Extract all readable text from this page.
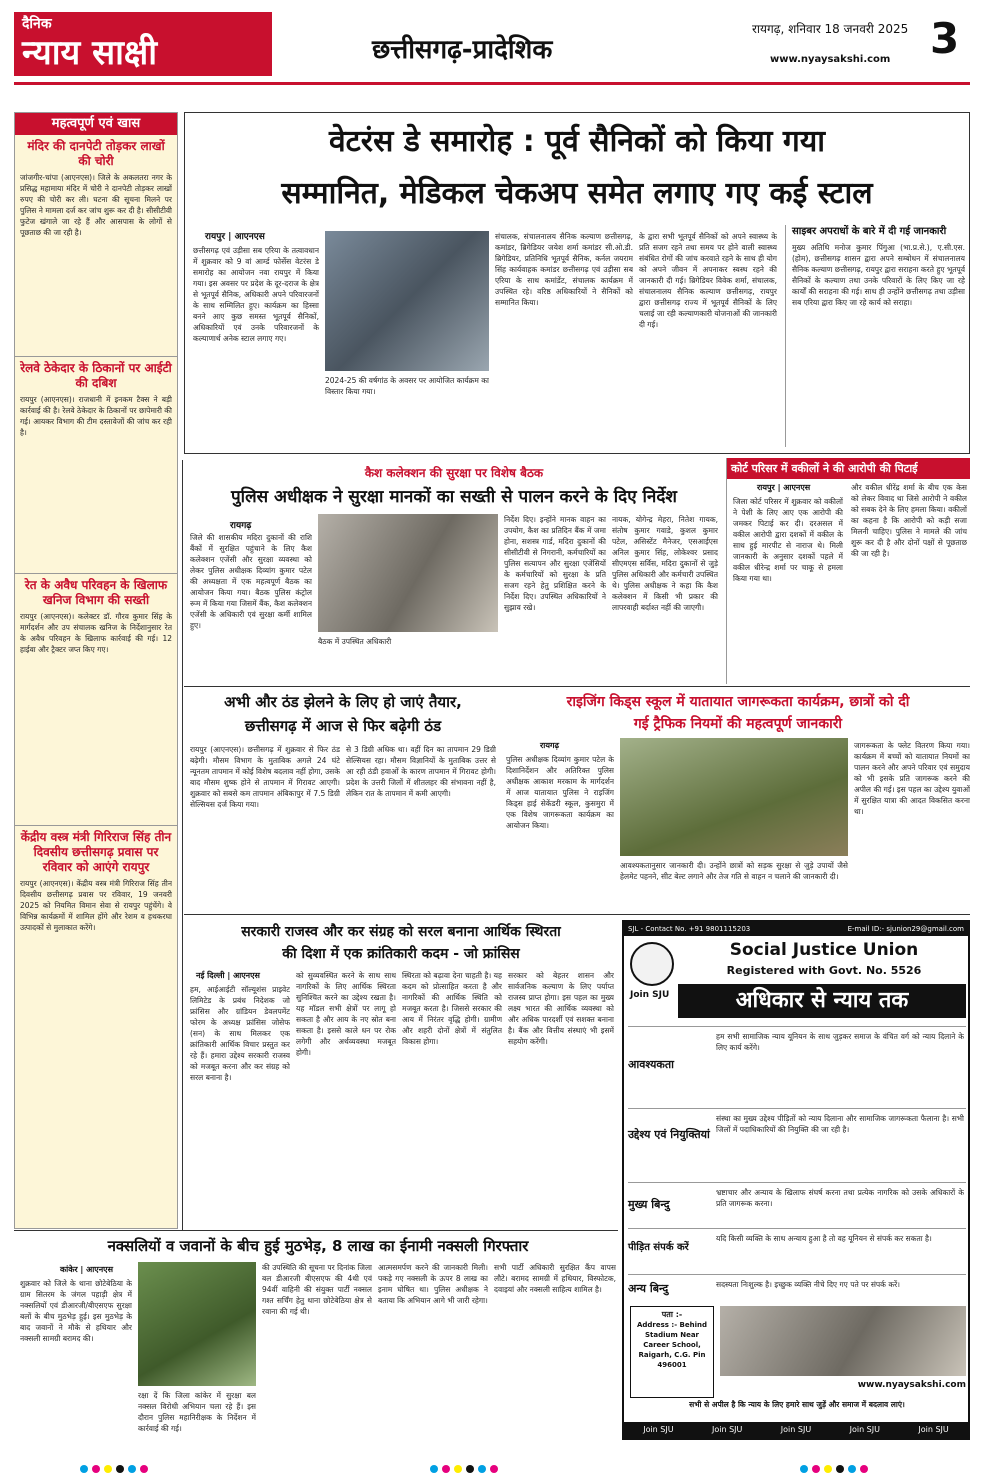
दैनिक
न्याय साक्षी	छत्तीसगढ़-प्रादेशिक
रायगढ़, शनिवार 18 जनवरी 2025
www.nyaysakshi.com 3
महत्वपूर्ण एवं खास
मंदिर की दानपेटी तोड़कर लाखों की चोरी
जांजगीर-चांपा (आएनएस)। जिले के अकलतरा नगर के प्रसिद्ध महामाया मंदिर में चोरी ने दानपेटी तोड़कर लाखों रुपए की चोरी कर ली। घटना की सूचना मिलने पर पुलिस ने मामला दर्ज कर जांच शुरू कर दी है। सीसीटीवी फुटेज खंगाले जा रहे हैं और आसपास के लोगों से पूछताछ की जा रही है।
रेलवे ठेकेदार के ठिकानों पर आईटी की दबिश
रायपुर (आएनएस)। राजधानी में इनकम टैक्स ने बड़ी कार्रवाई की है। रेलवे ठेकेदार के ठिकानों पर छापेमारी की गई। आयकर विभाग की टीम दस्तावेजों की जांच कर रही है।
रेत के अवैध परिवहन के खिलाफ खनिज विभाग की सख्ती
रायपुर (आएनएस)। कलेक्टर डॉ. गौरव कुमार सिंह के मार्गदर्शन और उप संचालक खनिज के निर्देशानुसार रेत के अवैध परिवहन के खिलाफ कार्रवाई की गई। 12 हाईवा और ट्रैक्टर जप्त किए गए।
केंद्रीय वस्त्र मंत्री गिरिराज सिंह तीन दिवसीय छत्तीसगढ़ प्रवास पर रविवार को आएंगे रायपुर
रायपुर (आएनएस)। केंद्रीय वस्त्र मंत्री गिरिराज सिंह तीन दिवसीय छत्तीसगढ़ प्रवास पर रविवार, 19 जनवरी 2025 को नियमित विमान सेवा से रायपुर पहुंचेंगे। वे विभिन्न कार्यक्रमों में शामिल होंगे और रेशम व हथकरघा उत्पादकों से मुलाकात करेंगे।
वेटरंस डे समारोह : पूर्व सैनिकों को किया गया
सम्मानित, मेडिकल चेकअप समेत लगाए गए कई स्टाल
रायपुर | आएनएस
छत्तीसगढ़ एवं उड़ीसा सब एरिया के तत्वावधान में शुक्रवार को 9 वां आर्म्ड फोर्सेस वेटरंस डे समारोह का आयोजन नवा रायपुर में किया गया। इस अवसर पर प्रदेश के दूर-दराज के क्षेत्र से भूतपूर्व सैनिक, अधिकारी अपने परिवारजनों के साथ सम्मिलित हुए। कार्यक्रम का हिस्सा बनने आए कुछ समस्त भूतपूर्व सैनिकों, अधिकारियों एवं उनके परिवारजनों के कल्याणार्थ अनेक स्टाल लगाए गए।
2024-25 की वर्षगांठ के अवसर पर आयोजित कार्यक्रम का विस्तार किया गया।
संचालक, संचालनालय सैनिक कल्याण छत्तीसगढ़, कमांडर, ब्रिगेडियर जयेश शर्मा कमांडर सी.ओ.डी. ब्रिगेडियर, प्रतिनिधि भूतपूर्व सैनिक, कर्नल जयराम सिंह कार्यवाहक कमांडर छत्तीसगढ़ एवं उड़ीसा सब एरिया के साथ कमांडेंट, संचालक कार्यक्रम में उपस्थित रहे। वरिष्ठ अधिकारियों ने सैनिकों को सम्मानित किया।
के द्वारा सभी भूतपूर्व सैनिकों को अपने स्वास्थ्य के प्रति सजग रहने तथा समय पर होने वाली स्वास्थ्य संबंधित रोगों की जांच करवाते रहने के साथ ही योग को अपने जीवन में अपनाकर स्वस्थ रहने की जानकारी दी गई। ब्रिगेडियर विवेक शर्मा, संचालक, संचालनालय सैनिक कल्याण छत्तीसगढ़, रायपुर द्वारा छत्तीसगढ़ राज्य में भूतपूर्व सैनिकों के लिए चलाई जा रही कल्याणकारी योजनाओं की जानकारी दी गई।
साइबर अपराधों के बारे में दी गई जानकारी
मुख्य अतिथि मनोज कुमार पिंगुआ (भा.प्र.से.), ए.सी.एस. (होम), छत्तीसगढ़ शासन द्वारा अपने सम्बोधन में संचालनालय सैनिक कल्याण छत्तीसगढ़, रायपुर द्वारा सराहना करते हुए भूतपूर्व सैनिकों के कल्याण तथा उनके परिवारों के लिए किए जा रहे कार्यों की सराहना की गई। साथ ही उन्होंने छत्तीसगढ़ तथा उड़ीसा सब एरिया द्वारा किए जा रहे कार्य को सराहा।
कैश कलेक्शन की सुरक्षा पर विशेष बैठक
पुलिस अधीक्षक ने सुरक्षा मानकों का सख्ती से पालन करने के दिए निर्देश
रायगढ़
जिले की शासकीय मदिरा दुकानों की राशि बैंकों में सुरक्षित पहुंचाने के लिए कैश कलेक्शन एजेंसी और सुरक्षा व्यवस्था को लेकर पुलिस अधीक्षक दिव्यांग कुमार पटेल की अध्यक्षता में एक महत्वपूर्ण बैठक का आयोजन किया गया। बैठक पुलिस कंट्रोल रूम में किया गया जिसमें बैंक, कैश कलेक्शन एजेंसी के अधिकारी एवं सुरक्षा कर्मी शामिल हुए।
बैठक में उपस्थित अधिकारी
निर्देश दिए। इन्होंने मानक वाहन का उपयोग, कैश का प्रतिदिन बैंक में जमा होना, सशस्त्र गार्ड, मदिरा दुकानों की सीसीटीवी से निगरानी, कर्मचारियों का पुलिस सत्यापन और सुरक्षा एजेंसियों के कर्मचारियों को सुरक्षा के प्रति सजग रहने हेतु प्रशिक्षित करने के निर्देश दिए। उपस्थित अधिकारियों ने सुझाव रखे।
नायक, योगेन्द्र मेहरा, नितेश गायक, संतोष कुमार गवाडे, कुशल कुमार पटेल, असिस्टेंट मैनेजर, एसआईएस अनिल कुमार सिंह, लोकेश्वर प्रसाद सीएमएस सर्विस, मदिरा दुकानों से जुड़े पुलिस अधिकारी और कर्मचारी उपस्थित थे। पुलिस अधीक्षक ने कहा कि कैश कलेक्शन में किसी भी प्रकार की लापरवाही बर्दाश्त नहीं की जाएगी।
कोर्ट परिसर में वकीलों ने की आरोपी की पिटाई
रायपुर | आएनएस
जिला कोर्ट परिसर में शुक्रवार को वकीलों ने पेशी के लिए आए एक आरोपी की जमकर पिटाई कर दी। दरअसल में वकील आरोपी द्वारा दशकों में वकील के साथ हुई मारपीट से नाराज थे। मिली जानकारी के अनुसार दशकों पहले में वकील धीरेन्द्र शर्मा पर चाकू से हमला किया गया था।
और वकील धीरेंद्र शर्मा के बीच एक केस को लेकर विवाद था जिसे आरोपी ने वकील को सबक देने के लिए हमला किया। वकीलों का कहना है कि आरोपी को कड़ी सजा मिलनी चाहिए। पुलिस ने मामले की जांच शुरू कर दी है और दोनों पक्षों से पूछताछ की जा रही है।
अभी और ठंड झेलने के लिए हो जाएं तैयार,
छत्तीसगढ़ में आज से फिर बढ़ेगी ठंड
रायपुर (आएनएस)। छत्तीसगढ़ में शुक्रवार से फिर ठंड बढ़ेगी। मौसम विभाग के मुताबिक अगले 24 घंटे न्यूनतम तापमान में कोई विशेष बदलाव नहीं होगा, उसके बाद मौसम शुष्क होने से तापमान में गिरावट आएगी। शुक्रवार को सबसे कम तापमान अंबिकापुर में 7.5 डिग्री सेल्सियस दर्ज किया गया।
से 3 डिग्री अधिक था। वहीं दिन का तापमान 29 डिग्री सेल्सियस रहा। मौसम विज्ञानियों के मुताबिक उत्तर से आ रही ठंडी हवाओं के कारण तापमान में गिरावट होगी। प्रदेश के उत्तरी जिलों में शीतलहर की संभावना नहीं है, लेकिन रात के तापमान में कमी आएगी।
राइजिंग किड्स स्कूल में यातायात जागरूकता कार्यक्रम, छात्रों को दी
गई ट्रैफिक नियमों की महत्वपूर्ण जानकारी
रायगढ़
पुलिस अधीक्षक दिव्यांग कुमार पटेल के दिशानिर्देशन और अतिरिक्त पुलिस अधीक्षक आकाश मरकाम के मार्गदर्शन में आज यातायात पुलिस ने राइजिंग किड्स हाई सेकेंडरी स्कूल, कुसमुरा में एक विशेष जागरूकता कार्यक्रम का आयोजन किया।
आवश्यकतानुसार जानकारी दी। उन्होंने छात्रों को सड़क सुरक्षा से जुड़े उपायों जैसे हेलमेट पहनने, सीट बेल्ट लगाने और तेज गति से वाहन न चलाने की जानकारी दी।
जागरूकता के फ्लेट वितरण किया गया। कार्यक्रम में बच्चों को यातायात नियमों का पालन करने और अपने परिवार एवं समुदाय को भी इसके प्रति जागरूक करने की अपील की गई। इस पहल का उद्देश्य युवाओं में सुरक्षित यात्रा की आदत विकसित करना था।
सरकारी राजस्व और कर संग्रह को सरल बनाना आर्थिक स्थिरता
की दिशा में एक क्रांतिकारी कदम - जो फ्रांसिस
नई दिल्ली | आएनएस
हम, आईआईटी सॉल्यूशंस प्राइवेट लिमिटेड के प्रबंध निदेशक जो फ्रांसिस और ग्रांडियन डेवलपमेंट फोरम के अध्यक्ष फ्रांसिस जोसेफ (सन) के साथ मिलकर एक क्रांतिकारी आर्थिक विचार प्रस्तुत कर रहे हैं। हमारा उद्देश्य सरकारी राजस्व को मजबूत करना और कर संग्रह को सरल बनाना है।
को सुव्यवस्थित करने के साथ साथ नागरिकों के लिए आर्थिक स्थिरता सुनिश्चित करने का उद्देश्य रखता है। यह मॉडल सभी क्षेत्रों पर लागू हो सकता है और आय के नए स्रोत बना सकता है। इससे काले धन पर रोक लगेगी और अर्थव्यवस्था मजबूत होगी।
स्थिरता को बढ़ावा देना चाहती है। यह कदम को प्रोत्साहित करता है और नागरिकों की आर्थिक स्थिति को मजबूत करता है। जिससे सरकार की आय में निरंतर वृद्धि होगी। ग्रामीण और शहरी दोनों क्षेत्रों में संतुलित विकास होगा।
सरकार को बेहतर शासन और सार्वजनिक कल्याण के लिए पर्याप्त राजस्व प्राप्त होगा। इस पहल का मुख्य लक्ष्य भारत की आर्थिक व्यवस्था को और अधिक पारदर्शी एवं सशक्त बनाना है। बैंक और वित्तीय संस्थाएं भी इसमें सहयोग करेंगी।
नक्सलियों व जवानों के बीच हुई मुठभेड़, 8 लाख का ईनामी नक्सली गिरफ्तार
कांकेर | आएनएस
शुक्रवार को जिले के थाना छोटेबेठिया के ग्राम सितरम के जंगल पहाड़ी क्षेत्र में नक्सलियों एवं डीआरजी/बीएसएफ सुरक्षा बलों के बीच मुठभेड़ हुई। इस मुठभेड़ के बाद जवानों ने मौके से हथियार और नक्सली सामग्री बरामद की।
रक्षा दें कि जिला कांकेर में सुरक्षा बल नक्सल विरोधी अभियान चला रहे हैं। इस दौरान पुलिस महानिरीक्षक के निर्देशन में कार्रवाई की गई।
की उपस्थिति की सूचना पर दिनांक जिला बल डीआरजी बीएसएफ की 4थी एवं 94वीं वाहिनी की संयुक्त पार्टी नक्सल गश्त सर्चिंग हेतु थाना छोटेबेठिया क्षेत्र से रवाना की गई थी।
आत्मसमर्पण करने की जानकारी मिली। पकड़े गए नक्सली के ऊपर 8 लाख का इनाम घोषित था। पुलिस अधीक्षक ने बताया कि अभियान आगे भी जारी रहेगा।
सभी पार्टी अधिकारी सुरक्षित कैंप वापस लौटे। बरामद सामग्री में हथियार, विस्फोटक, दवाइयां और नक्सली साहित्य शामिल है।
SJL - Contact No. +91 9801115203	E-mail ID:- sjunion29@gmail.com
Social Justice Union
Registered with Govt. No. 5526
Join SJU	अधिकार से न्याय तक
आवश्यकता
हम सभी सामाजिक न्याय यूनियन के साथ जुड़कर समाज के वंचित वर्ग को न्याय दिलाने के लिए कार्य करेंगे।
उद्देश्य एवं नियुक्तियां
संस्था का मुख्य उद्देश्य पीड़ितों को न्याय दिलाना और सामाजिक जागरूकता फैलाना है। सभी जिलों में पदाधिकारियों की नियुक्ति की जा रही है।
मुख्य बिन्दु
भ्रष्टाचार और अन्याय के खिलाफ संघर्ष करना तथा प्रत्येक नागरिक को उसके अधिकारों के प्रति जागरूक करना।
पीड़ित संपर्क करें
यदि किसी व्यक्ति के साथ अन्याय हुआ है तो वह यूनियन से संपर्क कर सकता है।
अन्य बिन्दु	सदस्यता निःशुल्क है। इच्छुक व्यक्ति नीचे दिए गए पते पर संपर्क करें।
पता :-
Address :- Behind Stadium Near Career School, Raigarh, C.G. Pin 496001
www.nyaysakshi.com
सभी से अपील है कि न्याय के लिए हमारे साथ जुड़ें और समाज में बदलाव लाएं।
Join SJU	Join SJU	Join SJU	Join SJU	Join SJU
